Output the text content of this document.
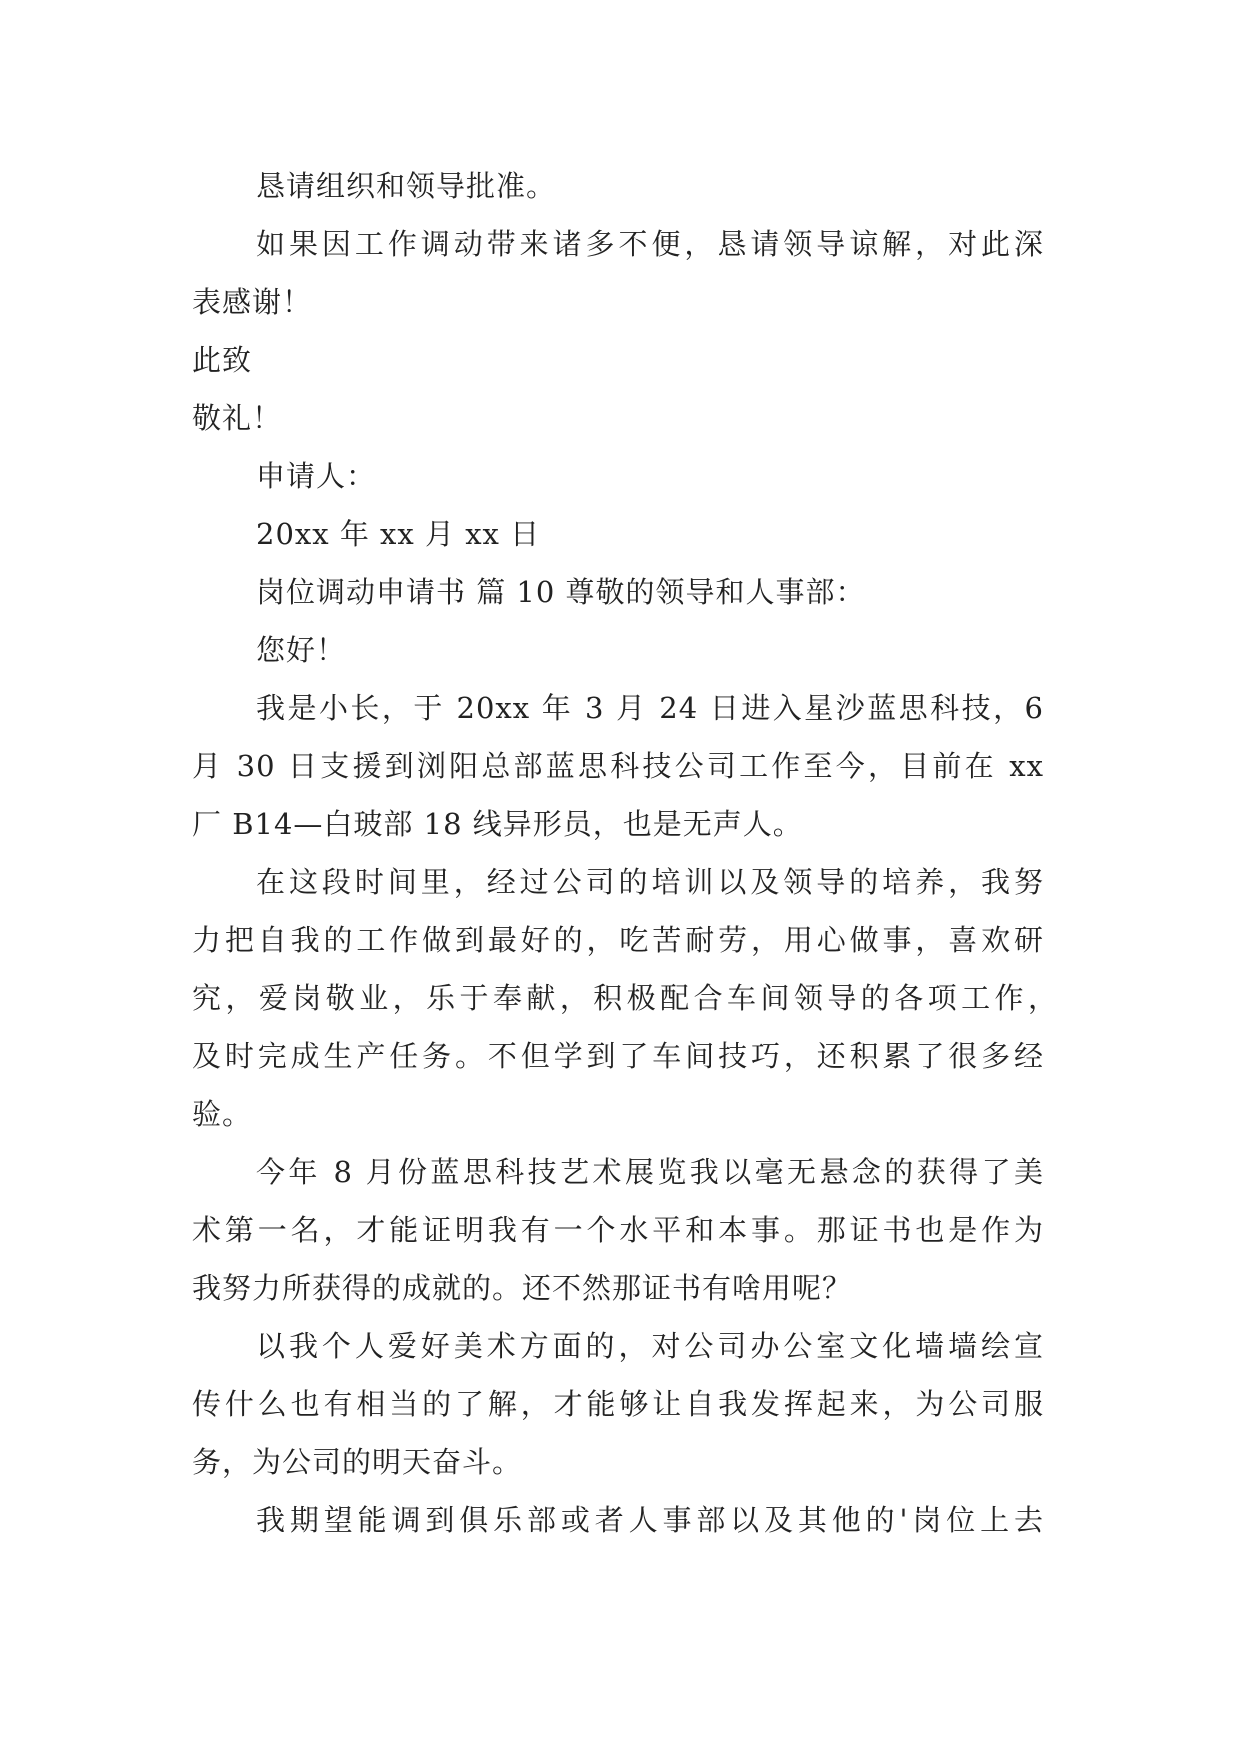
恳请组织和领导批准。
如果因工作调动带来诸多不便，恳请领导谅解，对此深
表感谢！
此致
敬礼！
申请人：
20xx 年 xx 月 xx 日
岗位调动申请书 篇 10 尊敬的领导和人事部：
您好！
我是小长，于 20xx 年 3 月 24 日进入星沙蓝思科技，6
月 30 日支援到浏阳总部蓝思科技公司工作至今，目前在 xx
厂 B14—白玻部 18 线异形员，也是无声人。
在这段时间里，经过公司的培训以及领导的培养，我努
力把自我的工作做到最好的，吃苦耐劳，用心做事，喜欢研
究，爱岗敬业，乐于奉献，积极配合车间领导的各项工作，
及时完成生产任务。不但学到了车间技巧，还积累了很多经
验。
今年 8 月份蓝思科技艺术展览我以毫无悬念的获得了美
术第一名，才能证明我有一个水平和本事。那证书也是作为
我努力所获得的成就的。还不然那证书有啥用呢？
以我个人爱好美术方面的，对公司办公室文化墙墙绘宣
传什么也有相当的了解，才能够让自我发挥起来，为公司服
务，为公司的明天奋斗。
我期望能调到俱乐部或者人事部以及其他的'岗位上去
